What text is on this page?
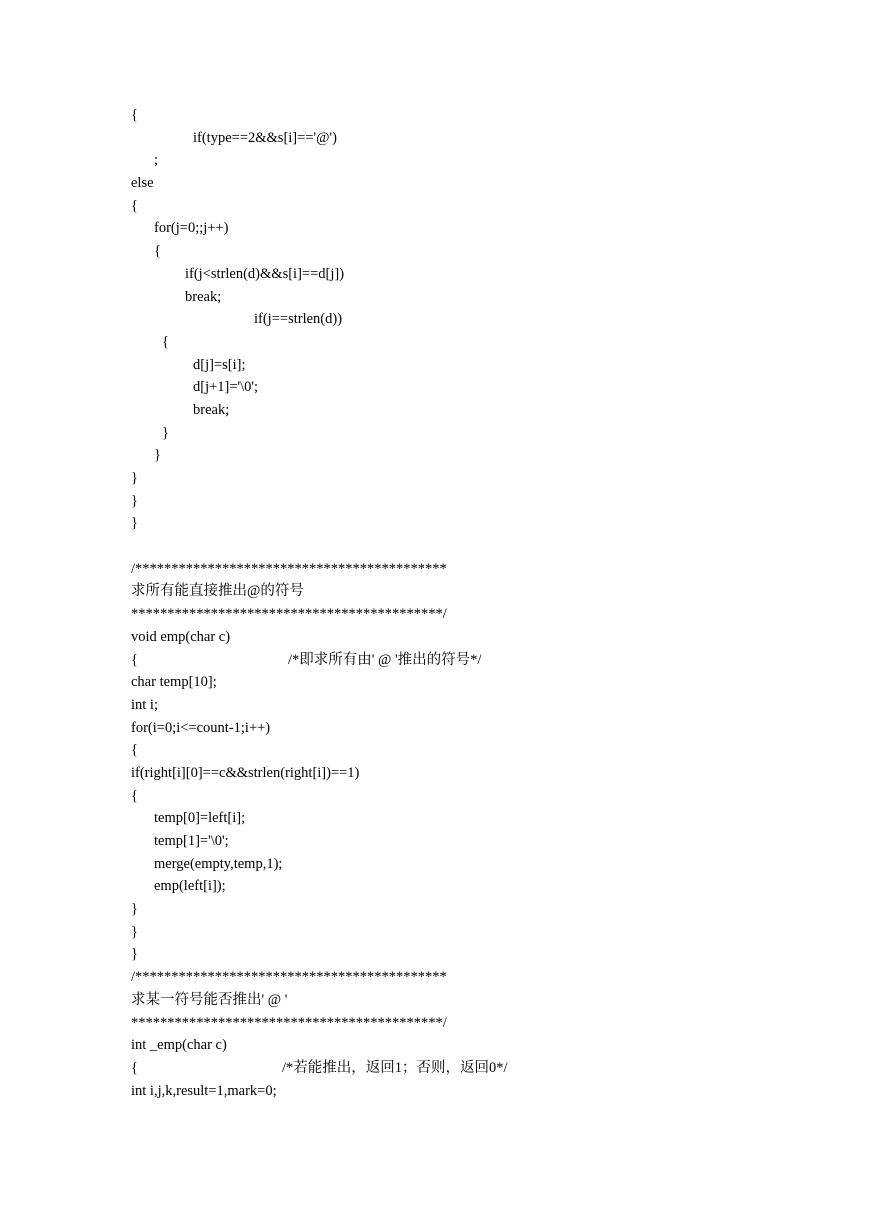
{
if(type==2&&s[i]=='@')
;
else
{
for(j=0;;j++)
{
if(j<strlen(d)&&s[i]==d[j])
break;
if(j==strlen(d))
{
d[j]=s[i];
d[j+1]='\0';
break;
}
}
}
}
}
/*******************************************
求所有能直接推出@的符号
*******************************************/
void emp(char c)
{	/*即求所有由' @ '推出的符号*/
char temp[10];
int i;
for(i=0;i<=count-1;i++)
{
if(right[i][0]==c&&strlen(right[i])==1)
{
temp[0]=left[i];
temp[1]='\0';
merge(empty,temp,1);
emp(left[i]);
}
}
}
/*******************************************
求某一符号能否推出' @ '
*******************************************/
int _emp(char c)
{	/*若能推出，返回1；否则，返回0*/
int i,j,k,result=1,mark=0;
